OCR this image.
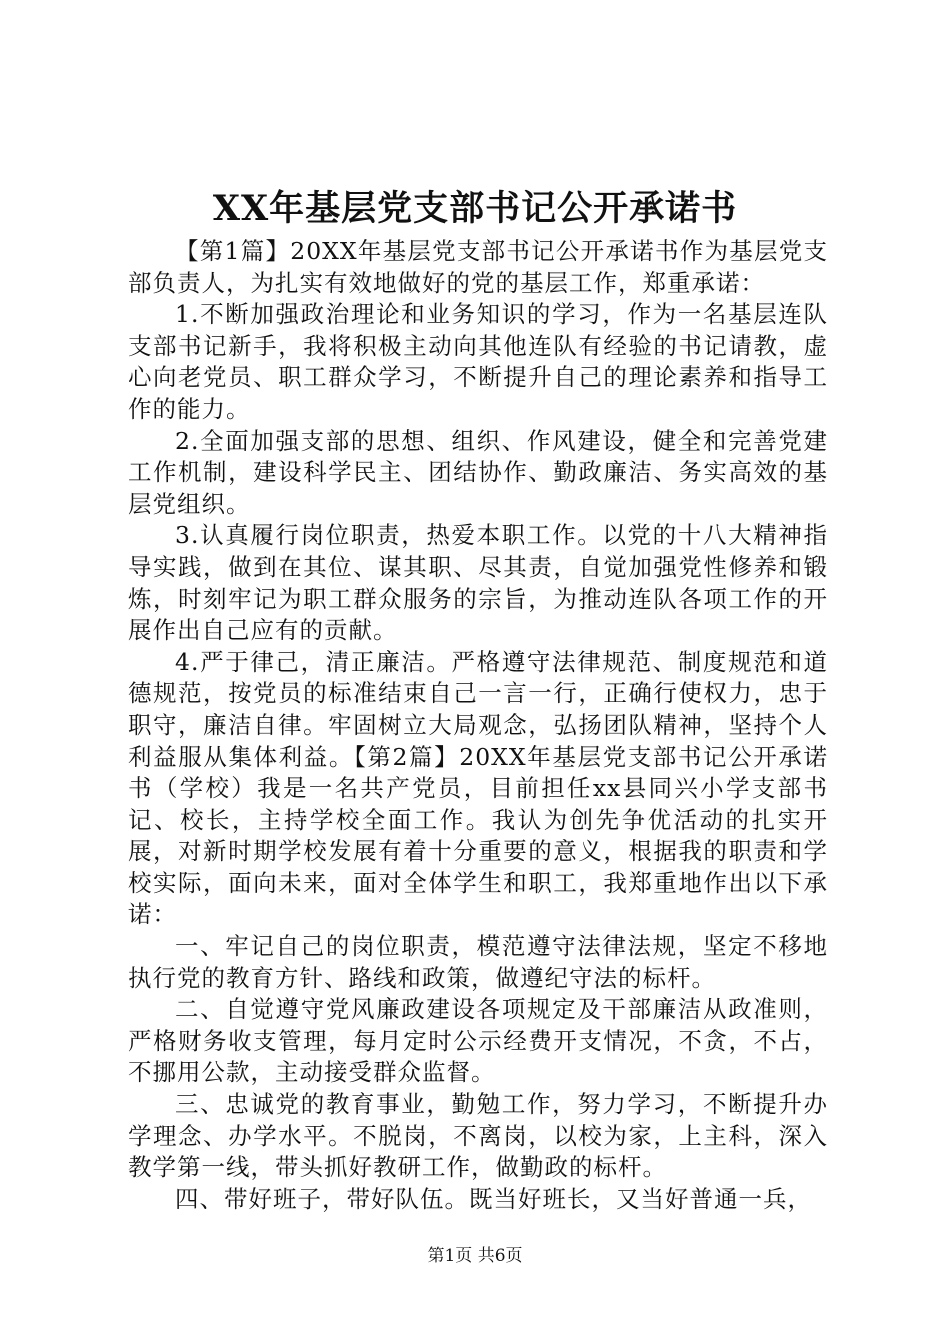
XX年基层党支部书记公开承诺书

【第1篇】20XX年基层党支部书记公开承诺书作为基层党支部负责人，为扎实有效地做好的党的基层工作，郑重承诺：

1.不断加强政治理论和业务知识的学习，作为一名基层连队支部书记新手，我将积极主动向其他连队有经验的书记请教，虚心向老党员、职工群众学习，不断提升自己的理论素养和指导工作的能力。

2.全面加强支部的思想、组织、作风建设，健全和完善党建工作机制，建设科学民主、团结协作、勤政廉洁、务实高效的基层党组织。

3.认真履行岗位职责，热爱本职工作。以党的十八大精神指导实践，做到在其位、谋其职、尽其责，自觉加强党性修养和锻炼，时刻牢记为职工群众服务的宗旨，为推动连队各项工作的开展作出自己应有的贡献。

4.严于律己，清正廉洁。严格遵守法律规范、制度规范和道德规范，按党员的标准结束自己一言一行，正确行使权力，忠于职守，廉洁自律。牢固树立大局观念，弘扬团队精神，坚持个人利益服从集体利益。【第2篇】20XX年基层党支部书记公开承诺书（学校）我是一名共产党员，目前担任xx县同兴小学支部书记、校长，主持学校全面工作。我认为创先争优活动的扎实开展，对新时期学校发展有着十分重要的意义，根据我的职责和学校实际，面向未来，面对全体学生和职工，我郑重地作出以下承诺：

一、牢记自己的岗位职责，模范遵守法律法规，坚定不移地执行党的教育方针、路线和政策，做遵纪守法的标杆。

二、自觉遵守党风廉政建设各项规定及干部廉洁从政准则，严格财务收支管理，每月定时公示经费开支情况，不贪，不占，不挪用公款，主动接受群众监督。

三、忠诚党的教育事业，勤勉工作，努力学习，不断提升办学理念、办学水平。不脱岗，不离岗，以校为家，上主科，深入教学第一线，带头抓好教研工作，做勤政的标杆。

四、带好班子，带好队伍。既当好班长，又当好普通一兵，

第1页 共6页
